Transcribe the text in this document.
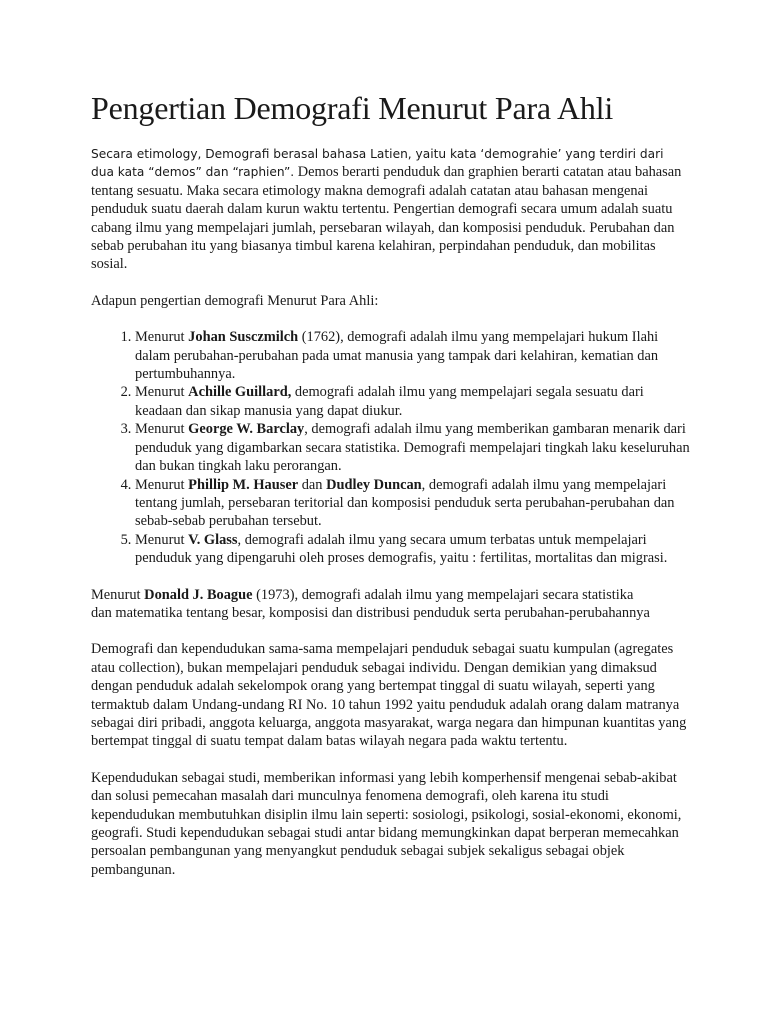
Pengertian Demografi Menurut Para Ahli

Secara etimology, Demografi berasal bahasa Latien, yaitu kata ‘demograhie’ yang terdiri dari
dua kata “demos” dan “raphien”. Demos berarti penduduk dan graphien berarti catatan atau bahasan tentang sesuatu. Maka secara etimology makna demografi adalah catatan atau bahasan mengenai penduduk suatu daerah dalam kurun waktu tertentu. Pengertian demografi secara umum adalah suatu cabang ilmu yang mempelajari jumlah, persebaran wilayah, dan komposisi penduduk. Perubahan dan sebab perubahan itu yang biasanya timbul karena kelahiran, perpindahan penduduk, dan mobilitas sosial.

Adapun pengertian demografi Menurut Para Ahli:

1. Menurut Johan Susczmilch (1762), demografi adalah ilmu yang mempelajari hukum Ilahi dalam perubahan-perubahan pada umat manusia yang tampak dari kelahiran, kematian dan pertumbuhannya.
2. Menurut Achille Guillard, demografi adalah ilmu yang mempelajari segala sesuatu dari keadaan dan sikap manusia yang dapat diukur.
3. Menurut George W. Barclay, demografi adalah ilmu yang memberikan gambaran menarik dari penduduk yang digambarkan secara statistika. Demografi mempelajari tingkah laku keseluruhan dan bukan tingkah laku perorangan.
4. Menurut Phillip M. Hauser dan Dudley Duncan, demografi adalah ilmu yang mempelajari tentang jumlah, persebaran teritorial dan komposisi penduduk serta perubahan-perubahan dan sebab-sebab perubahan tersebut.
5. Menurut V. Glass, demografi adalah ilmu yang secara umum terbatas untuk mempelajari penduduk yang dipengaruhi oleh proses demografis, yaitu : fertilitas, mortalitas dan migrasi.

Menurut Donald J. Boague (1973), demografi adalah ilmu yang mempelajari secara statistika
dan matematika tentang besar, komposisi dan distribusi penduduk serta perubahan-perubahannya

Demografi dan kependudukan sama-sama mempelajari penduduk sebagai suatu kumpulan (agregates atau collection), bukan mempelajari penduduk sebagai individu. Dengan demikian yang dimaksud dengan penduduk adalah sekelompok orang yang bertempat tinggal di suatu wilayah, seperti yang termaktub dalam Undang-undang RI No. 10 tahun 1992 yaitu penduduk adalah orang dalam matranya sebagai diri pribadi, anggota keluarga, anggota masyarakat, warga negara dan himpunan kuantitas yang bertempat tinggal di suatu tempat dalam batas wilayah negara pada waktu tertentu.

Kependudukan sebagai studi, memberikan informasi yang lebih komperhensif mengenai sebab-akibat dan solusi pemecahan masalah dari munculnya fenomena demografi, oleh karena itu studi kependudukan membutuhkan disiplin ilmu lain seperti: sosiologi, psikologi, sosial-ekonomi, ekonomi, geografi. Studi kependudukan sebagai studi antar bidang memungkinkan dapat berperan memecahkan persoalan pembangunan yang menyangkut penduduk sebagai subjek sekaligus sebagai objek pembangunan.
